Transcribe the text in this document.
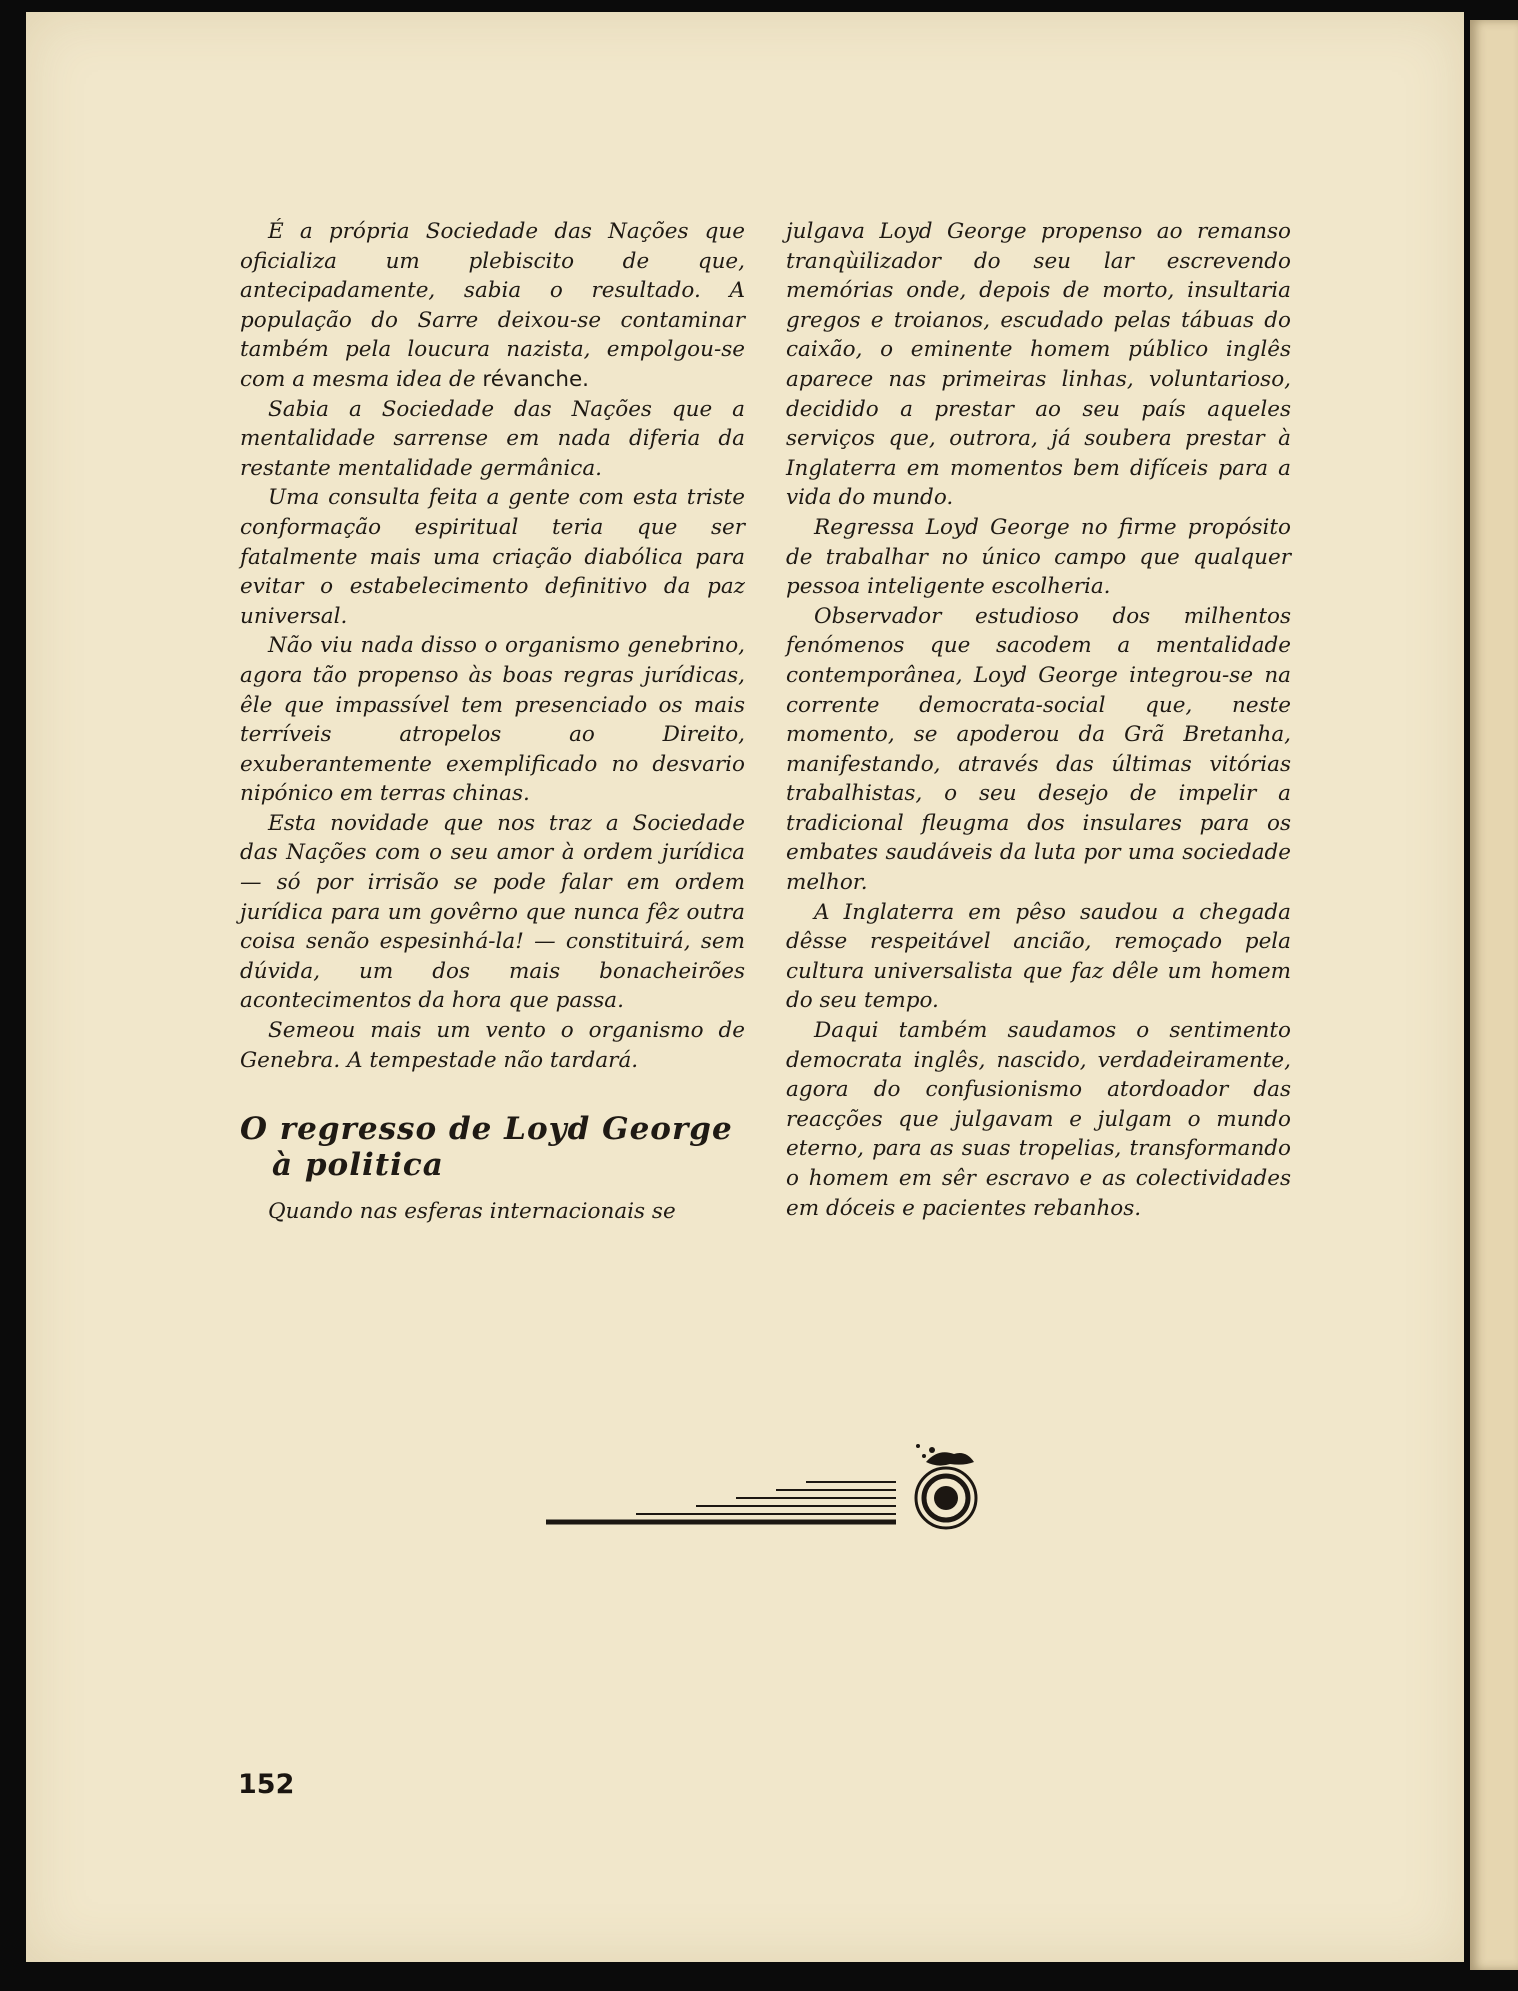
É a própria Sociedade das Nações que oficializa um plebiscito de que, antecipadamente, sabia o resultado. A população do Sarre deixou-se contaminar também pela loucura nazista, empolgou-se com a mesma idea de révanche.

Sabia a Sociedade das Nações que a mentalidade sarrense em nada diferia da restante mentalidade germânica.

Uma consulta feita a gente com esta triste conformação espiritual teria que ser fatalmente mais uma criação diabólica para evitar o estabelecimento definitivo da paz universal.

Não viu nada disso o organismo genebrino, agora tão propenso às boas regras jurídicas, êle que impassível tem presenciado os mais terríveis atropelos ao Direito, exuberantemente exemplificado no desvario nipónico em terras chinas.

Esta novidade que nos traz a Sociedade das Nações com o seu amor à ordem jurídica — só por irrisão se pode falar em ordem jurídica para um govêrno que nunca fêz outra coisa senão espesinhá-la! — constituirá, sem dúvida, um dos mais bonacheirões acontecimentos da hora que passa.

Semeou mais um vento o organismo de Genebra. A tempestade não tardará.

O regresso de Loyd George
à politica

Quando nas esferas internacionais se

julgava Loyd George propenso ao remanso tranqùilizador do seu lar escrevendo memórias onde, depois de morto, insultaria gregos e troianos, escudado pelas tábuas do caixão, o eminente homem público inglês aparece nas primeiras linhas, voluntarioso, decidido a prestar ao seu país aqueles serviços que, outrora, já soubera prestar à Inglaterra em momentos bem difíceis para a vida do mundo.

Regressa Loyd George no firme propósito de trabalhar no único campo que qualquer pessoa inteligente escolheria.

Observador estudioso dos milhentos fenómenos que sacodem a mentalidade contemporânea, Loyd George integrou-se na corrente democrata-social que, neste momento, se apoderou da Grã Bretanha, manifestando, através das últimas vitórias trabalhistas, o seu desejo de impelir a tradicional fleugma dos insulares para os embates saudáveis da luta por uma sociedade melhor.

A Inglaterra em pêso saudou a chegada dêsse respeitável ancião, remoçado pela cultura universalista que faz dêle um homem do seu tempo.

Daqui também saudamos o sentimento democrata inglês, nascido, verdadeiramente, agora do confusionismo atordoador das reacções que julgavam e julgam o mundo eterno, para as suas tropelias, transformando o homem em sêr escravo e as colectividades em dóceis e pacientes rebanhos.

152
